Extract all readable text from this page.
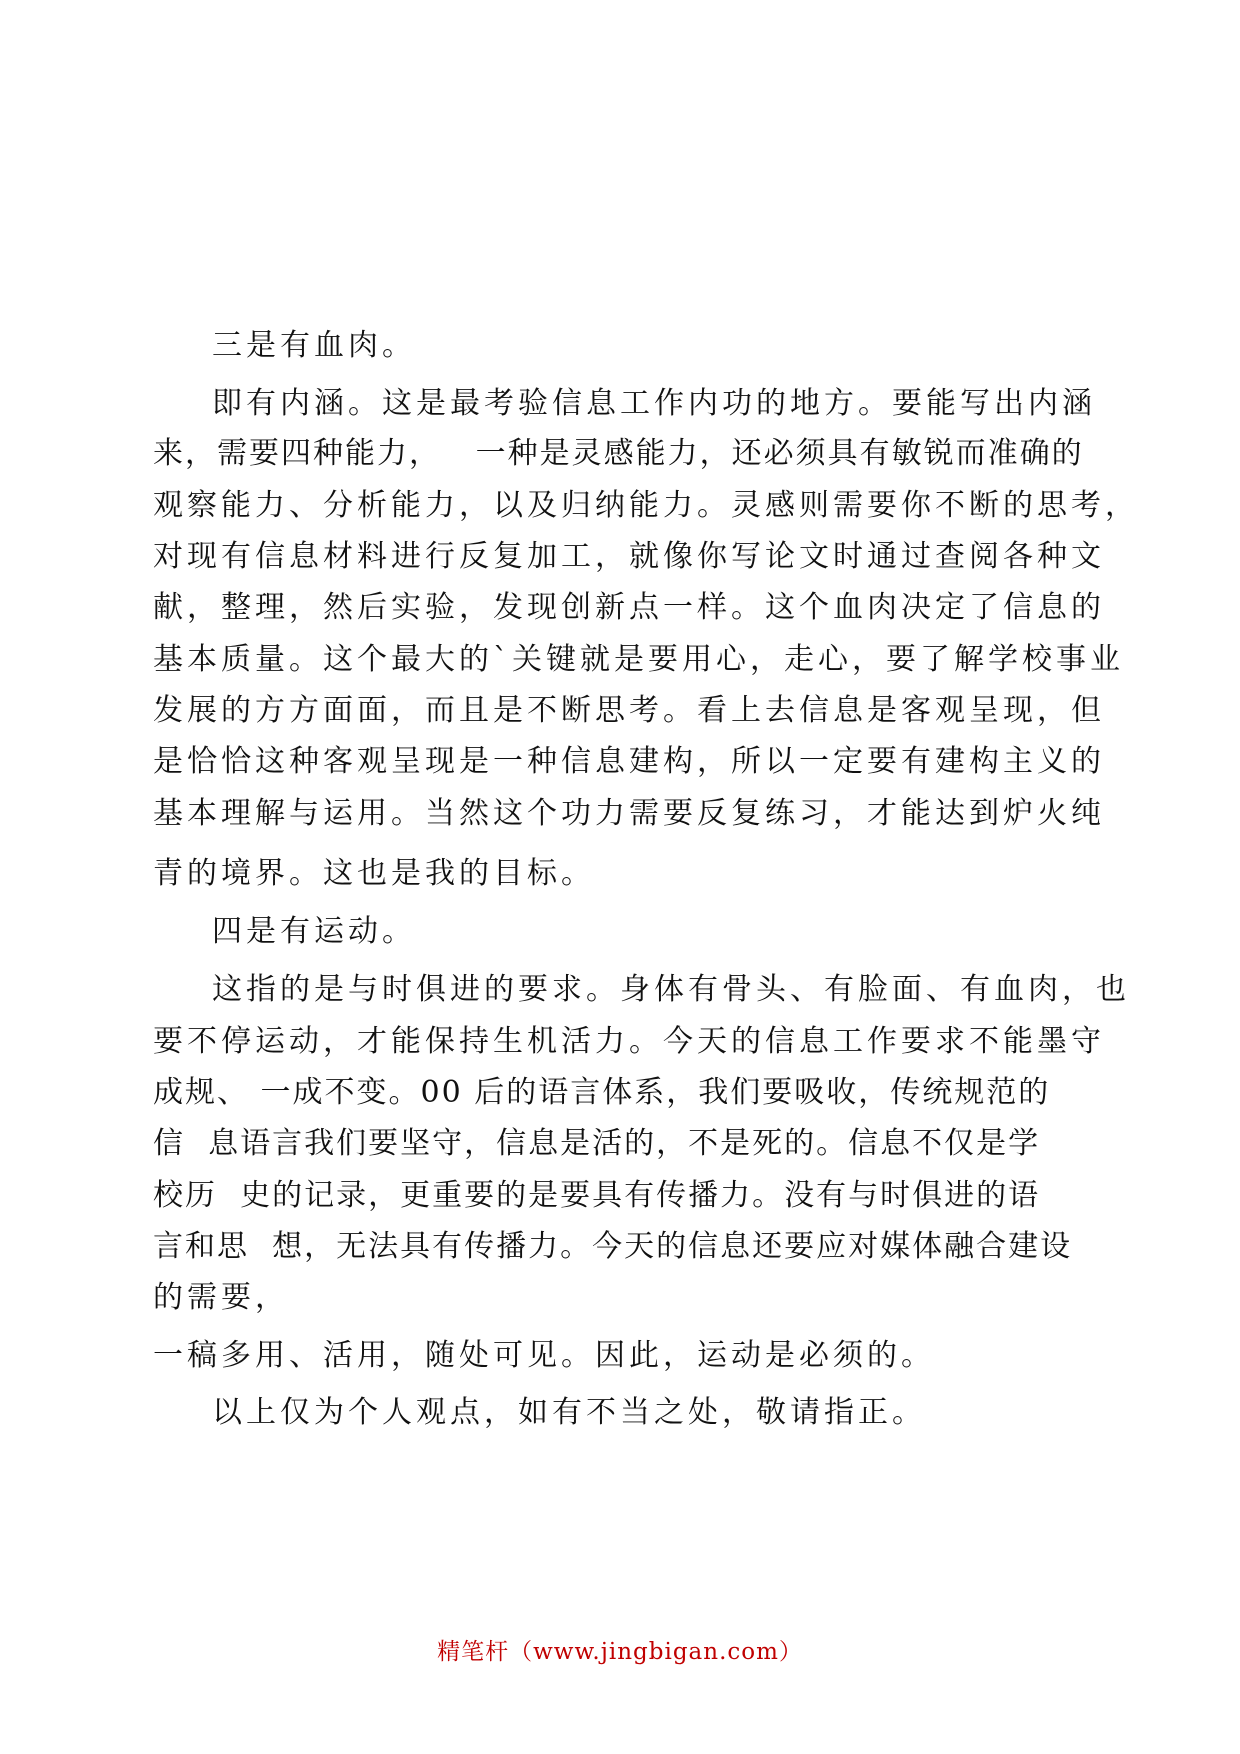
三是有血肉。
即有内涵。这是最考验信息工作内功的地方。要能写出内涵
来，需要四种能力，   一种是灵感能力，还必须具有敏锐而准确的
观察能力、分析能力，以及归纳能力。灵感则需要你不断的思考，
对现有信息材料进行反复加工，就像你写论文时通过查阅各种文
献，整理，然后实验，发现创新点一样。这个血肉决定了信息的
基本质量。这个最大的`关键就是要用心，走心，要了解学校事业
发展的方方面面，而且是不断思考。看上去信息是客观呈现，但
是恰恰这种客观呈现是一种信息建构，所以一定要有建构主义的
基本理解与运用。当然这个功力需要反复练习，才能达到炉火纯
青的境界。这也是我的目标。
四是有运动。
这指的是与时俱进的要求。身体有骨头、有脸面、有血肉，也
要不停运动，才能保持生机活力。今天的信息工作要求不能墨守
成规、 一成不变。00 后的语言体系，我们要吸收，传统规范的
信  息语言我们要坚守，信息是活的，不是死的。信息不仅是学
校历  史的记录，更重要的是要具有传播力。没有与时俱进的语
言和思  想，无法具有传播力。今天的信息还要应对媒体融合建设
的需要，
一稿多用、活用，随处可见。因此，运动是必须的。
以上仅为个人观点，如有不当之处，敬请指正。
精笔杆（www.jingbigan.com）
